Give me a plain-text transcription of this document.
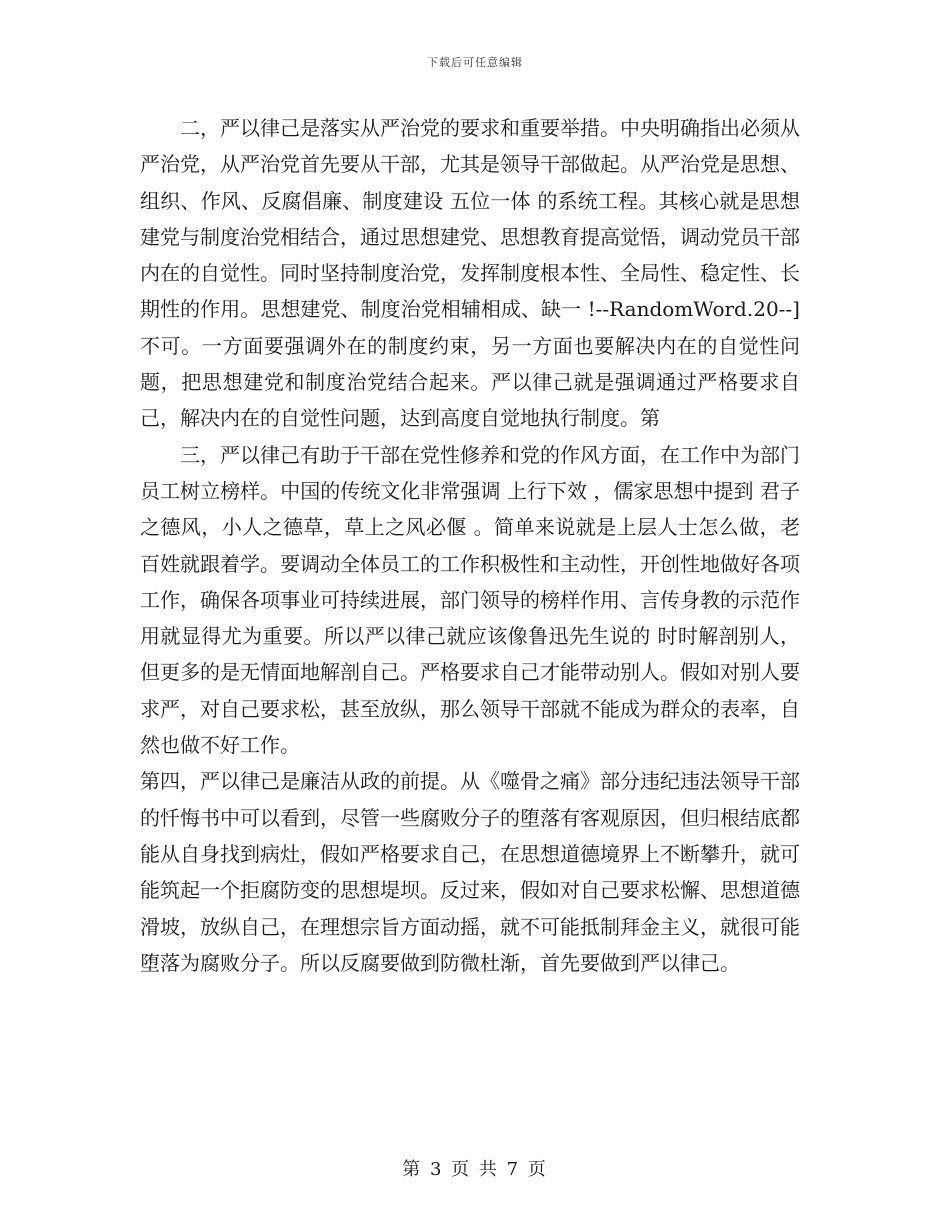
下载后可任意编辑

二，严以律己是落实从严治党的要求和重要举措。中央明确指出必须从严治党，从严治党首先要从干部，尤其是领导干部做起。从严治党是思想、组织、作风、反腐倡廉、制度建设 五位一体 的系统工程。其核心就是思想建党与制度治党相结合，通过思想建党、思想教育提高觉悟，调动党员干部内在的自觉性。同时坚持制度治党，发挥制度根本性、全局性、稳定性、长期性的作用。思想建党、制度治党相辅相成、缺一 !--RandomWord.20--]不可。一方面要强调外在的制度约束，另一方面也要解决内在的自觉性问题，把思想建党和制度治党结合起来。严以律己就是强调通过严格要求自己，解决内在的自觉性问题，达到高度自觉地执行制度。第

三，严以律己有助于干部在党性修养和党的作风方面，在工作中为部门员工树立榜样。中国的传统文化非常强调 上行下效 ，儒家思想中提到 君子之德风，小人之德草，草上之风必偃 。简单来说就是上层人士怎么做，老百姓就跟着学。要调动全体员工的工作积极性和主动性，开创性地做好各项工作，确保各项事业可持续进展，部门领导的榜样作用、言传身教的示范作用就显得尤为重要。所以严以律己就应该像鲁迅先生说的 时时解剖别人，但更多的是无情面地解剖自己。严格要求自己才能带动别人。假如对别人要求严，对自己要求松，甚至放纵，那么领导干部就不能成为群众的表率，自然也做不好工作。

第四，严以律己是廉洁从政的前提。从《噬骨之痛》部分违纪违法领导干部的忏悔书中可以看到，尽管一些腐败分子的堕落有客观原因，但归根结底都能从自身找到病灶，假如严格要求自己，在思想道德境界上不断攀升，就可能筑起一个拒腐防变的思想堤坝。反过来，假如对自己要求松懈、思想道德滑坡，放纵自己，在理想宗旨方面动摇，就不可能抵制拜金主义，就很可能堕落为腐败分子。所以反腐要做到防微杜渐，首先要做到严以律己。

第 3 页 共 7 页
